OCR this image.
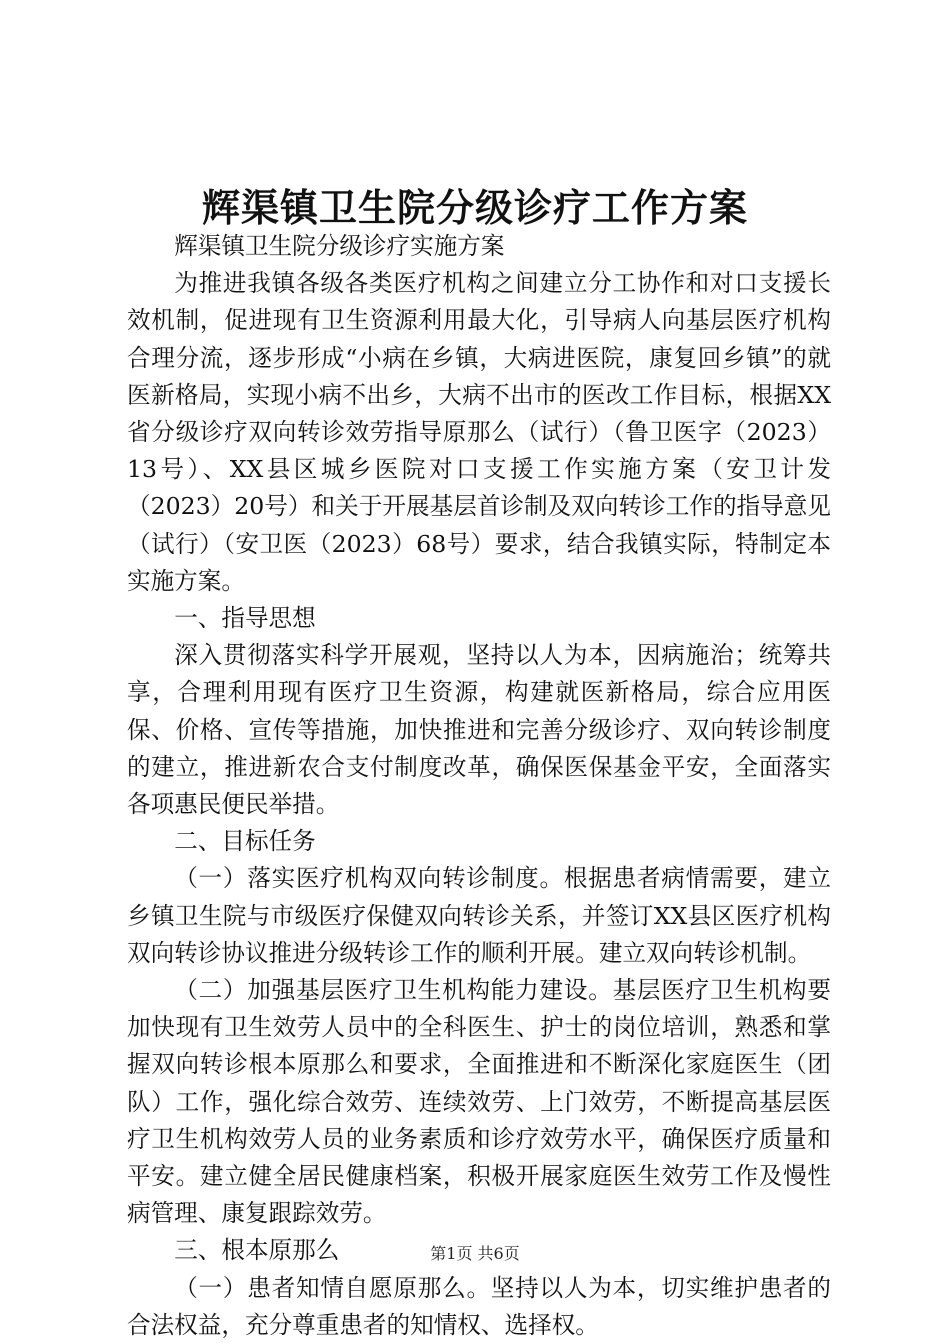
辉渠镇卫生院分级诊疗工作方案

辉渠镇卫生院分级诊疗实施方案

为推进我镇各级各类医疗机构之间建立分工协作和对口支援长效机制，促进现有卫生资源利用最大化，引导病人向基层医疗机构合理分流，逐步形成“小病在乡镇，大病进医院，康复回乡镇”的就医新格局，实现小病不出乡，大病不出市的医改工作目标，根据XX省分级诊疗双向转诊效劳指导原那么（试行）（鲁卫医字（2023）13号）、XX县区城乡医院对口支援工作实施方案（安卫计发（2023）20号）和关于开展基层首诊制及双向转诊工作的指导意见（试行）（安卫医（2023）68号）要求，结合我镇实际，特制定本实施方案。

一、指导思想

深入贯彻落实科学开展观，坚持以人为本，因病施治；统筹共享，合理利用现有医疗卫生资源，构建就医新格局，综合应用医保、价格、宣传等措施，加快推进和完善分级诊疗、双向转诊制度的建立，推进新农合支付制度改革，确保医保基金平安，全面落实各项惠民便民举措。

二、目标任务

（一）落实医疗机构双向转诊制度。根据患者病情需要，建立乡镇卫生院与市级医疗保健双向转诊关系，并签订XX县区医疗机构双向转诊协议推进分级转诊工作的顺利开展。建立双向转诊机制。

（二）加强基层医疗卫生机构能力建设。基层医疗卫生机构要加快现有卫生效劳人员中的全科医生、护士的岗位培训，熟悉和掌握双向转诊根本原那么和要求，全面推进和不断深化家庭医生（团队）工作，强化综合效劳、连续效劳、上门效劳，不断提高基层医疗卫生机构效劳人员的业务素质和诊疗效劳水平，确保医疗质量和平安。建立健全居民健康档案，积极开展家庭医生效劳工作及慢性病管理、康复跟踪效劳。

三、根本原那么

（一）患者知情自愿原那么。坚持以人为本，切实维护患者的合法权益，充分尊重患者的知情权、选择权。

第1页 共6页
